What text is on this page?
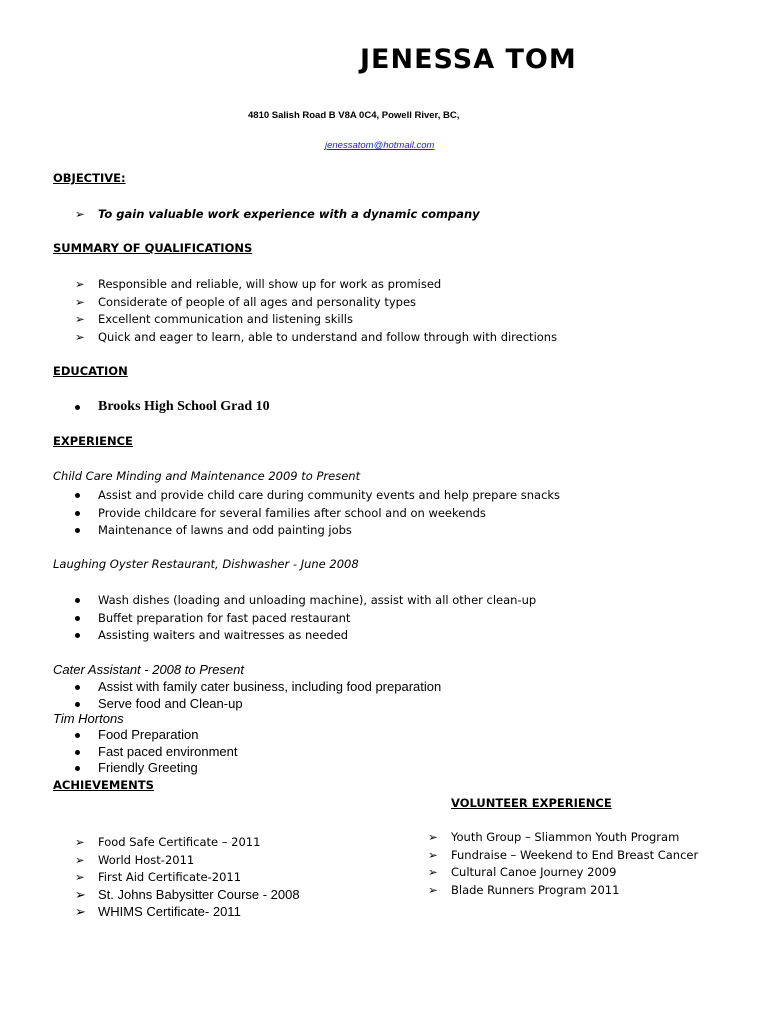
JENESSA TOM
4810 Salish Road B V8A 0C4, Powell River, BC,
jenessatom@hotmail.com
OBJECTIVE:
➢ To gain valuable work experience with a dynamic company
SUMMARY OF QUALIFICATIONS
➢ Responsible and reliable, will show up for work as promised
➢ Considerate of people of all ages and personality types
➢ Excellent communication and listening skills
➢ Quick and eager to learn, able to understand and follow through with directions
EDUCATION
Brooks High School Grad 10
EXPERIENCE
Child Care Minding and Maintenance 2009 to Present
Assist and provide child care during community events and help prepare snacks
Provide childcare for several families after school and on weekends
Maintenance of lawns and odd painting jobs
Laughing Oyster Restaurant, Dishwasher - June 2008
Wash dishes (loading and unloading machine), assist with all other clean-up
Buffet preparation for fast paced restaurant
Assisting waiters and waitresses as needed
Cater Assistant - 2008 to Present
Assist with family cater business, including food preparation
Serve food and Clean-up
Tim Hortons
Food Preparation
Fast paced environment
Friendly Greeting
ACHIEVEMENTS
➢ Food Safe Certificate – 2011
➢ World Host-2011
➢ First Aid Certificate-2011
➢ St. Johns Babysitter Course - 2008
➢ WHIMS Certificate- 2011
VOLUNTEER EXPERIENCE
➢ Youth Group – Sliammon Youth Program
➢ Fundraise – Weekend to End Breast Cancer
➢ Cultural Canoe Journey 2009
➢ Blade Runners Program 2011
